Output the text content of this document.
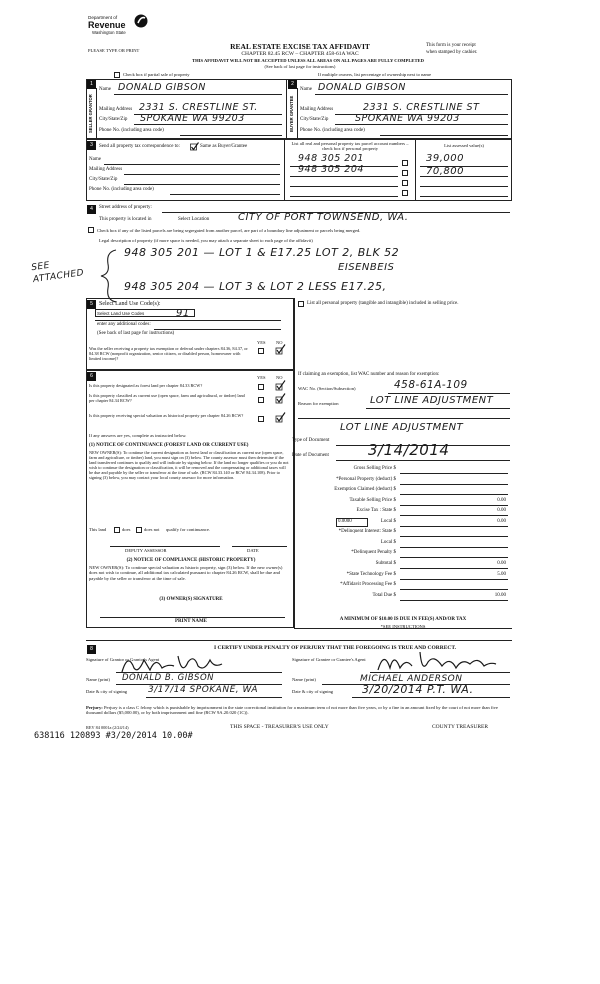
Department of
Revenue
Washington State
PLEASE TYPE OR PRINT	REAL ESTATE EXCISE TAX AFFIDAVIT
CHAPTER 82.45 RCW – CHAPTER 458-61A WAC
THIS AFFIDAVIT WILL NOT BE ACCEPTED UNLESS ALL AREAS ON ALL PAGES ARE FULLY COMPLETED
(See back of last page for instructions)
This form is your receipt
when stamped by cashier.
Check box if partial sale of property	If multiple owners, list percentage of ownership next to name
1	2
SELLER GRANTOR	BUYER GRANTEE
Name DONALD GIBSON
Mailing Address 2331 S. CRESTLINE ST.
City/State/Zip SPOKANE WA 99203
Phone No. (including area code)
Name DONALD GIBSON
Mailing Address	2331 S. CRESTLINE ST
City/State/Zip	SPOKANE WA 99203
Phone No. (including area code)
3	Send all property tax correspondence to:	Same as Buyer/Grantee
Name
Mailing Address
City/State/Zip
Phone No. (including area code)
List all real and personal property tax parcel account numbers – check box if personal property
List assessed value(s)
948 305 201	39,000
948 305 204	70,800
4	Street address of property:
This property is located in	Select Location	CITY OF PORT TOWNSEND, WA.
Check box if any of the listed parcels are being segregated from another parcel, are part of a boundary line adjustment or parcels being merged.
Legal description of property (if more space is needed, you may attach a separate sheet to each page of the affidavit)
SEE ATTACHED
948 305 201 — LOT 1 & E17.25 LOT 2, BLK 52
EISENBEIS
948 305 204 — LOT 3 & LOT 2 LESS E17.25,
5	Select Land Use Code(s):
Select Land Use Codes	91
enter any additional codes:
(See back of last page for instructions)
YES NO
Was the seller receiving a property tax exemption or deferral under chapters 84.36, 84.37, or 84.38 RCW (nonprofit organization, senior citizen, or disabled person, homeowner with limited income)?
List all personal property (tangible and intangible) included in selling price.
6	YES NO
Is this property designated as forest land per chapter 84.33 RCW?
Is this property classified as current use (open space, farm and agricultural, or timber) land per chapter 84.34 RCW?
Is this property receiving special valuation as historical property per chapter 84.26 RCW?
If any answers are yes, complete as instructed below.
(1) NOTICE OF CONTINUANCE (FOREST LAND OR CURRENT USE)
NEW OWNER(S): To continue the current designation as forest land or classification as current use (open space, farm and agriculture, or timber) land, you must sign on (3) below. The county assessor must then determine if the land transferred continues to qualify and will indicate by signing below. If the land no longer qualifies or you do not wish to continue the designation or classification, it will be removed and the compensating or additional taxes will be due and payable by the seller or transferor at the time of sale. (RCW 84.33.140 or RCW 84.34.108). Prior to signing (3) below, you may contact your local county assessor for more information.
This land	does	does not qualify for continuance.
DEPUTY ASSESSOR	DATE
(2) NOTICE OF COMPLIANCE (HISTORIC PROPERTY)
NEW OWNER(S): To continue special valuation as historic property, sign (3) below. If the new owner(s) does not wish to continue, all additional tax calculated pursuant to chapter 84.26 RCW, shall be due and payable by the seller or transferor at the time of sale.
(3) OWNER(S) SIGNATURE
PRINT NAME
If claiming an exemption, list WAC number and reason for exemption:
WAC No. (Section/Subsection)	458-61A-109
Reason for exemption	LOT LINE ADJUSTMENT
LOT LINE ADJUSTMENT
Type of Document
Date of Document	3/14/2014
Gross Selling Price $
*Personal Property (deduct) $
Exemption Claimed (deduct) $
Taxable Selling Price $	0.00
Excise Tax : State $	0.00
Local $	0.00
*Delinquent Interest: State $
Local $
*Delinquent Penalty $
Subtotal $	0.00
*State Technology Fee $	5.00
*Affidavit Processing Fee $
Total Due $	10.00
0.0000
A MINIMUM OF $10.00 IS DUE IN FEE(S) AND/OR TAX
*SEE INSTRUCTIONS
8	I CERTIFY UNDER PENALTY OF PERJURY THAT THE FOREGOING IS TRUE AND CORRECT.
Signature of Grantor or Grantor's Agent
Name (print) DONALD B. GIBSON
Date & city of signing 3/17/14 SPOKANE, WA
Signature of Grantee or Grantee's Agent
Name (print)	MICHAEL ANDERSON
Date & city of signing	3/20/2014 P.T. WA.
Perjury: Perjury is a class C felony which is punishable by imprisonment in the state correctional institution for a maximum term of not more than five years, or by a fine in an amount fixed by the court of not more than five thousand dollars ($5,000.00), or by both imprisonment and fine (RCW 9A.20.020 (1C)).
REV 84 0001a (2/24/14)	THIS SPACE - TREASURER'S USE ONLY	COUNTY TREASURER
638116 120893 #3/20/2014 10.00#
